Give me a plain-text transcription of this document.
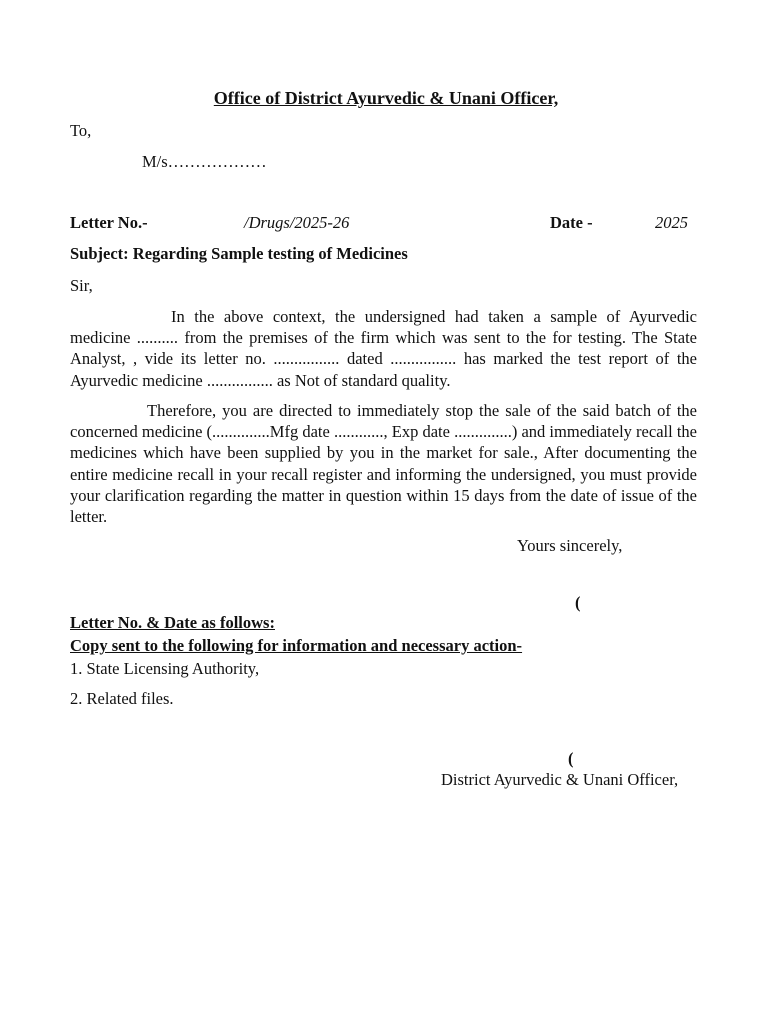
Office of District Ayurvedic & Unani Officer,
To,
M/s………………
Letter No.-	/Drugs/2025-26	Date -	2025
Subject: Regarding Sample testing of Medicines
Sir,
In the above context, the undersigned had taken a sample of Ayurvedic medicine .......... from the premises of the firm which was sent to the for testing. The State Analyst, , vide its letter no. ................ dated ................ has marked the test report of the Ayurvedic medicine ................ as Not of standard quality.
Therefore, you are directed to immediately stop the sale of the said batch of the concerned medicine (..............Mfg date ............, Exp date ..............) and immediately recall the medicines which have been supplied by you in the market for sale., After documenting the entire medicine recall in your recall register and informing the undersigned, you must provide your clarification regarding the matter in question within 15 days from the date of issue of the letter.
Yours sincerely,
(
Letter No. & Date as follows:
Copy sent to the following for information and necessary action-
1. State Licensing Authority,
2. Related files.
(
District Ayurvedic & Unani Officer,
